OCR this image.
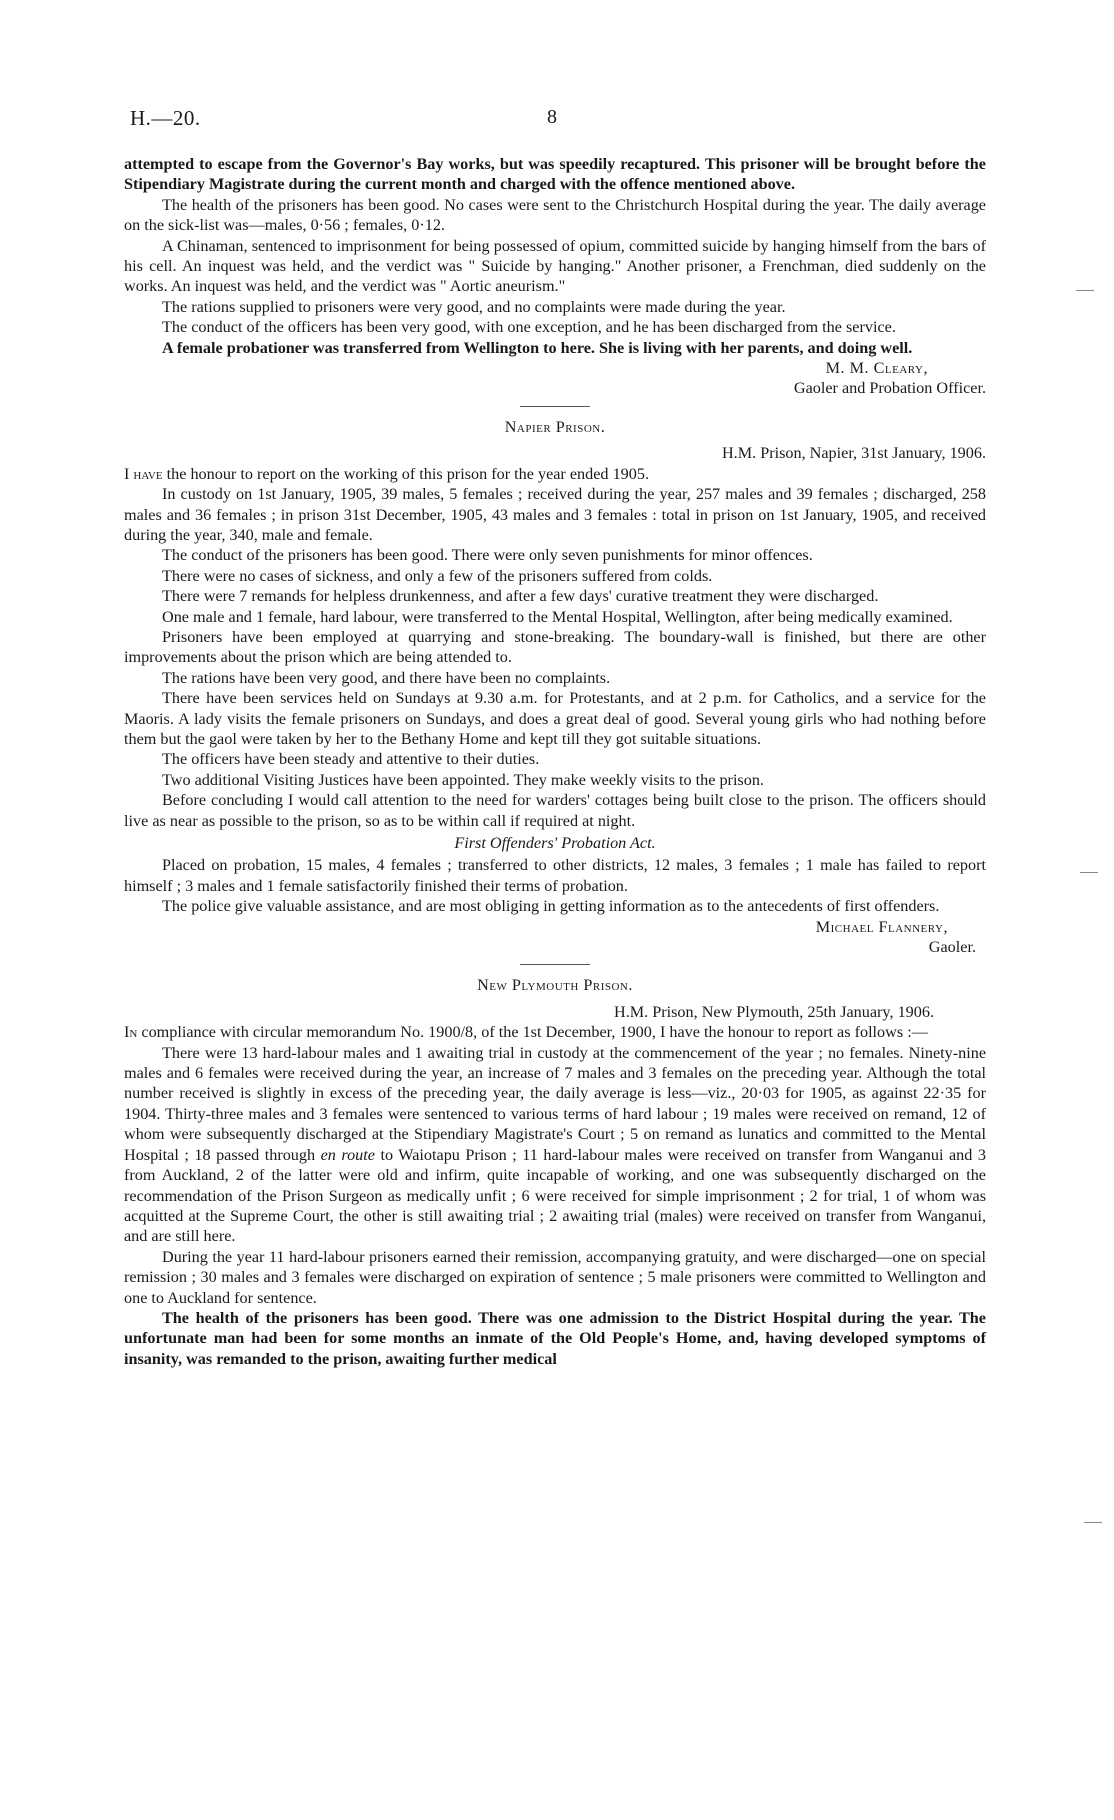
H.—20.	8

attempted to escape from the Governor's Bay works, but was speedily recaptured. This prisoner will be brought before the Stipendiary Magistrate during the current month and charged with the offence mentioned above.

The health of the prisoners has been good. No cases were sent to the Christchurch Hospital during the year. The daily average on the sick-list was—males, 0·56 ; females, 0·12.

A Chinaman, sentenced to imprisonment for being possessed of opium, committed suicide by hanging himself from the bars of his cell. An inquest was held, and the verdict was " Suicide by hanging." Another prisoner, a Frenchman, died suddenly on the works. An inquest was held, and the verdict was " Aortic aneurism."

The rations supplied to prisoners were very good, and no complaints were made during the year.

The conduct of the officers has been very good, with one exception, and he has been discharged from the service.

A female probationer was transferred from Wellington to here. She is living with her parents, and doing well.

M. M. Cleary,
Gaoler and Probation Officer.
Napier Prison.
H.M. Prison, Napier, 31st January, 1906.

I have the honour to report on the working of this prison for the year ended 1905.

In custody on 1st January, 1905, 39 males, 5 females ; received during the year, 257 males and 39 females ; discharged, 258 males and 36 females ; in prison 31st December, 1905, 43 males and 3 females : total in prison on 1st January, 1905, and received during the year, 340, male and female.

The conduct of the prisoners has been good. There were only seven punishments for minor offences.

There were no cases of sickness, and only a few of the prisoners suffered from colds.

There were 7 remands for helpless drunkenness, and after a few days' curative treatment they were discharged.

One male and 1 female, hard labour, were transferred to the Mental Hospital, Wellington, after being medically examined.

Prisoners have been employed at quarrying and stone-breaking. The boundary-wall is finished, but there are other improvements about the prison which are being attended to.

The rations have been very good, and there have been no complaints.

There have been services held on Sundays at 9.30 a.m. for Protestants, and at 2 p.m. for Catholics, and a service for the Maoris. A lady visits the female prisoners on Sundays, and does a great deal of good. Several young girls who had nothing before them but the gaol were taken by her to the Bethany Home and kept till they got suitable situations.

The officers have been steady and attentive to their duties.

Two additional Visiting Justices have been appointed. They make weekly visits to the prison.

Before concluding I would call attention to the need for warders' cottages being built close to the prison. The officers should live as near as possible to the prison, so as to be within call if required at night.

First Offenders' Probation Act.

Placed on probation, 15 males, 4 females ; transferred to other districts, 12 males, 3 females ; 1 male has failed to report himself ; 3 males and 1 female satisfactorily finished their terms of probation.

The police give valuable assistance, and are most obliging in getting information as to the antecedents of first offenders.

Michael Flannery,
Gaoler.
New Plymouth Prison.
H.M. Prison, New Plymouth, 25th January, 1906.

In compliance with circular memorandum No. 1900/8, of the 1st December, 1900, I have the honour to report as follows :—

There were 13 hard-labour males and 1 awaiting trial in custody at the commencement of the year ; no females. Ninety-nine males and 6 females were received during the year, an increase of 7 males and 3 females on the preceding year. Although the total number received is slightly in excess of the preceding year, the daily average is less—viz., 20·03 for 1905, as against 22·35 for 1904. Thirty-three males and 3 females were sentenced to various terms of hard labour ; 19 males were received on remand, 12 of whom were subsequently discharged at the Stipendiary Magistrate's Court ; 5 on remand as lunatics and committed to the Mental Hospital ; 18 passed through en route to Waiotapu Prison ; 11 hard-labour males were received on transfer from Wanganui and 3 from Auckland, 2 of the latter were old and infirm, quite incapable of working, and one was subsequently discharged on the recommendation of the Prison Surgeon as medically unfit ; 6 were received for simple imprisonment ; 2 for trial, 1 of whom was acquitted at the Supreme Court, the other is still awaiting trial ; 2 awaiting trial (males) were received on transfer from Wanganui, and are still here.

During the year 11 hard-labour prisoners earned their remission, accompanying gratuity, and were discharged—one on special remission ; 30 males and 3 females were discharged on expiration of sentence ; 5 male prisoners were committed to Wellington and one to Auckland for sentence.

The health of the prisoners has been good. There was one admission to the District Hospital during the year. The unfortunate man had been for some months an inmate of the Old People's Home, and, having developed symptoms of insanity, was remanded to the prison, awaiting further medical
